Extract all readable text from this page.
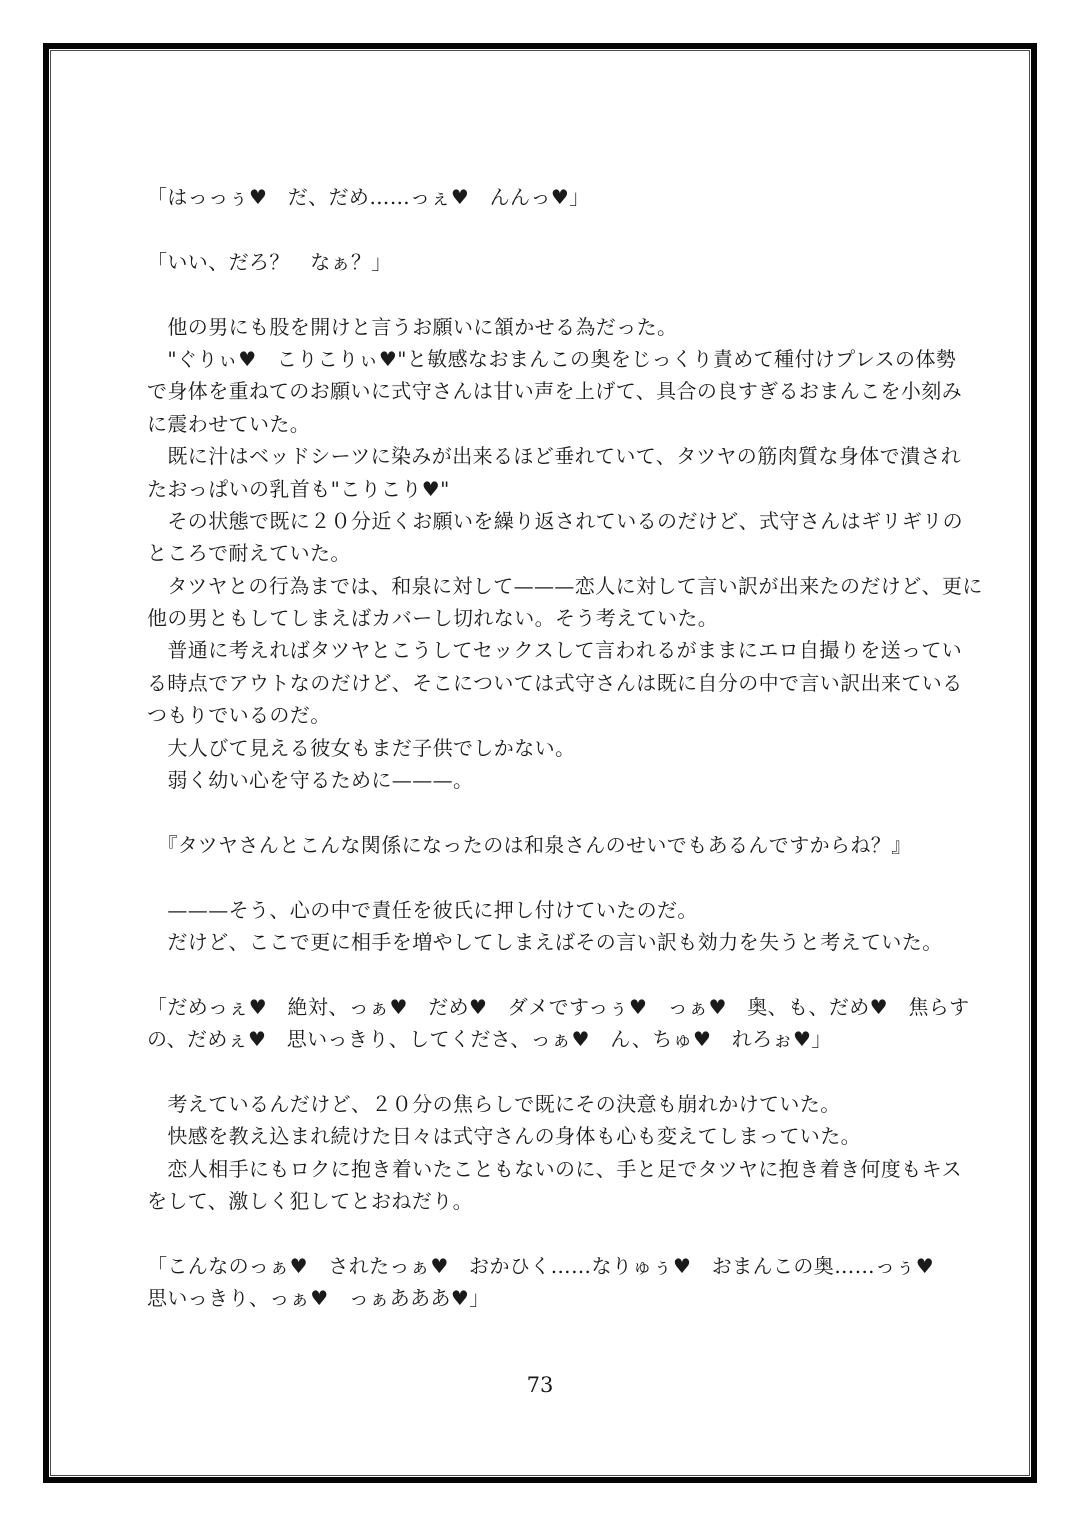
「はっっぅ♥　だ、だめ……っぇ♥　んんっ♥」

「いい、だろ？　なぁ？」

　他の男にも股を開けと言うお願いに頷かせる為だった。
　"ぐりぃ♥　こりこりぃ♥"と敏感なおまんこの奥をじっくり責めて種付けプレスの体勢
で身体を重ねてのお願いに式守さんは甘い声を上げて、具合の良すぎるおまんこを小刻み
に震わせていた。
　既に汁はベッドシーツに染みが出来るほど垂れていて、タツヤの筋肉質な身体で潰され
たおっぱいの乳首も"こりこり♥"
　その状態で既に２０分近くお願いを繰り返されているのだけど、式守さんはギリギリの
ところで耐えていた。
　タツヤとの行為までは、和泉に対して———恋人に対して言い訳が出来たのだけど、更に
他の男ともしてしまえばカバーし切れない。そう考えていた。
　普通に考えればタツヤとこうしてセックスして言われるがままにエロ自撮りを送ってい
る時点でアウトなのだけど、そこについては式守さんは既に自分の中で言い訳出来ている
つもりでいるのだ。
　大人びて見える彼女もまだ子供でしかない。
　弱く幼い心を守るために———。

　『タツヤさんとこんな関係になったのは和泉さんのせいでもあるんですからね？』

　———そう、心の中で責任を彼氏に押し付けていたのだ。
　だけど、ここで更に相手を増やしてしまえばその言い訳も効力を失うと考えていた。

「だめっぇ♥　絶対、っぁ♥　だめ♥　ダメですっぅ♥　っぁ♥　奥、も、だめ♥　焦らす
の、だめぇ♥　思いっきり、してくださ、っぁ♥　ん、ちゅ♥　れろぉ♥」

　考えているんだけど、２０分の焦らしで既にその決意も崩れかけていた。
　快感を教え込まれ続けた日々は式守さんの身体も心も変えてしまっていた。
　恋人相手にもロクに抱き着いたこともないのに、手と足でタツヤに抱き着き何度もキス
をして、激しく犯してとおねだり。

「こんなのっぁ♥　されたっぁ♥　おかひく……なりゅぅ♥　おまんこの奥……っぅ♥
思いっきり、っぁ♥　っぁあああ♥」
73
